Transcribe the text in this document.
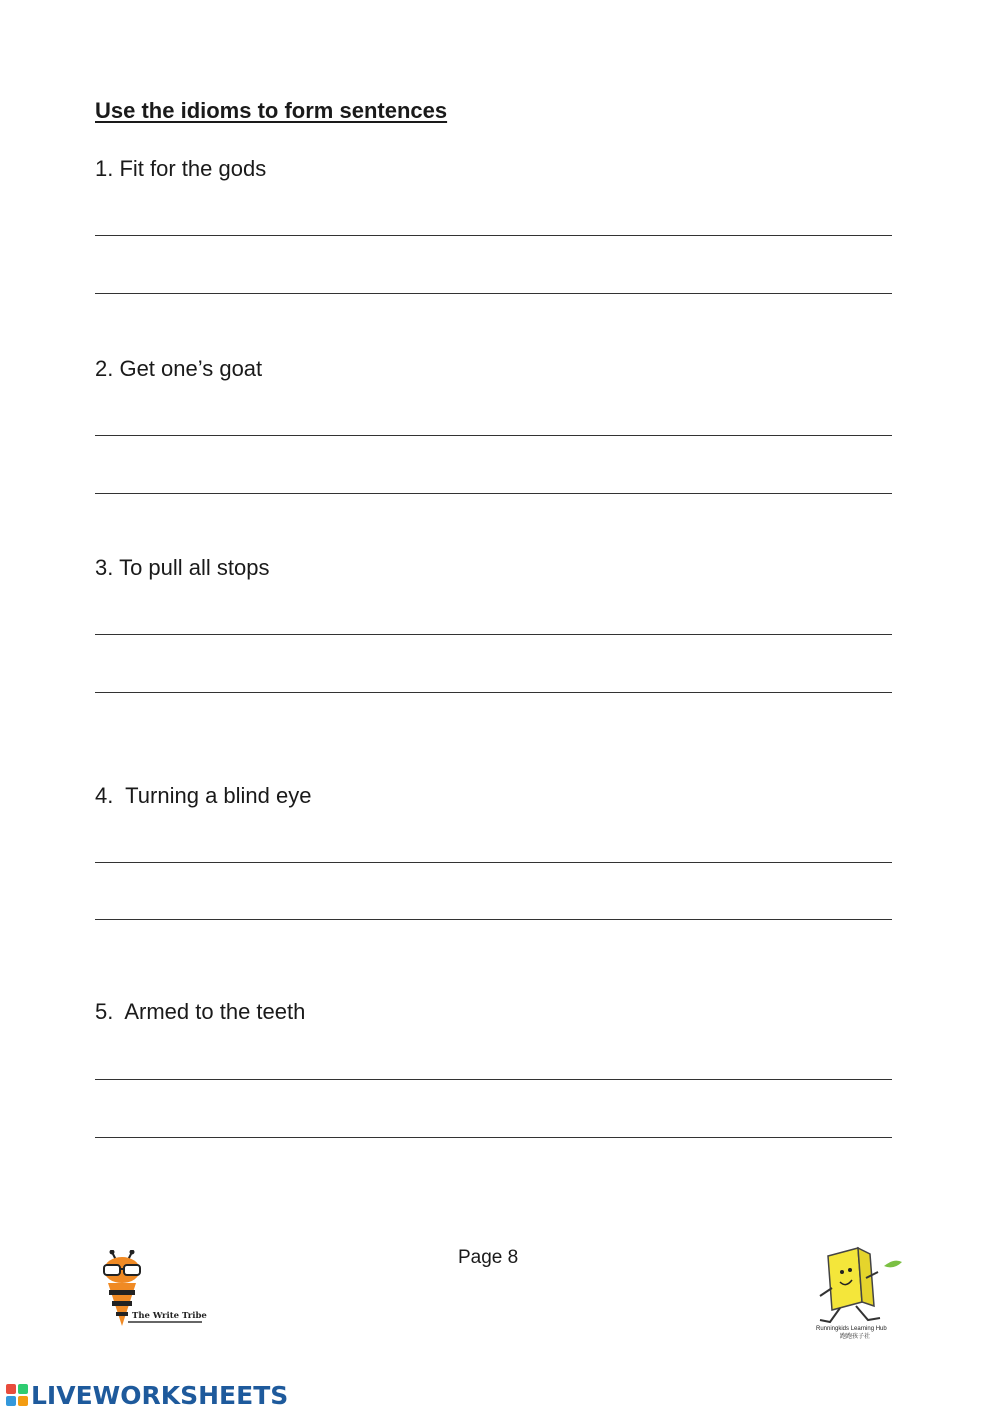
Use the idioms to form sentences

1. Fit for the gods

2. Get one’s goat

3. To pull all stops

4.  Turning a blind eye

5.  Armed to the teeth

Page 8

The Write Tribe
Runningkids Learning Hub
跑跑孩子社
LIVEWORKSHEETS
